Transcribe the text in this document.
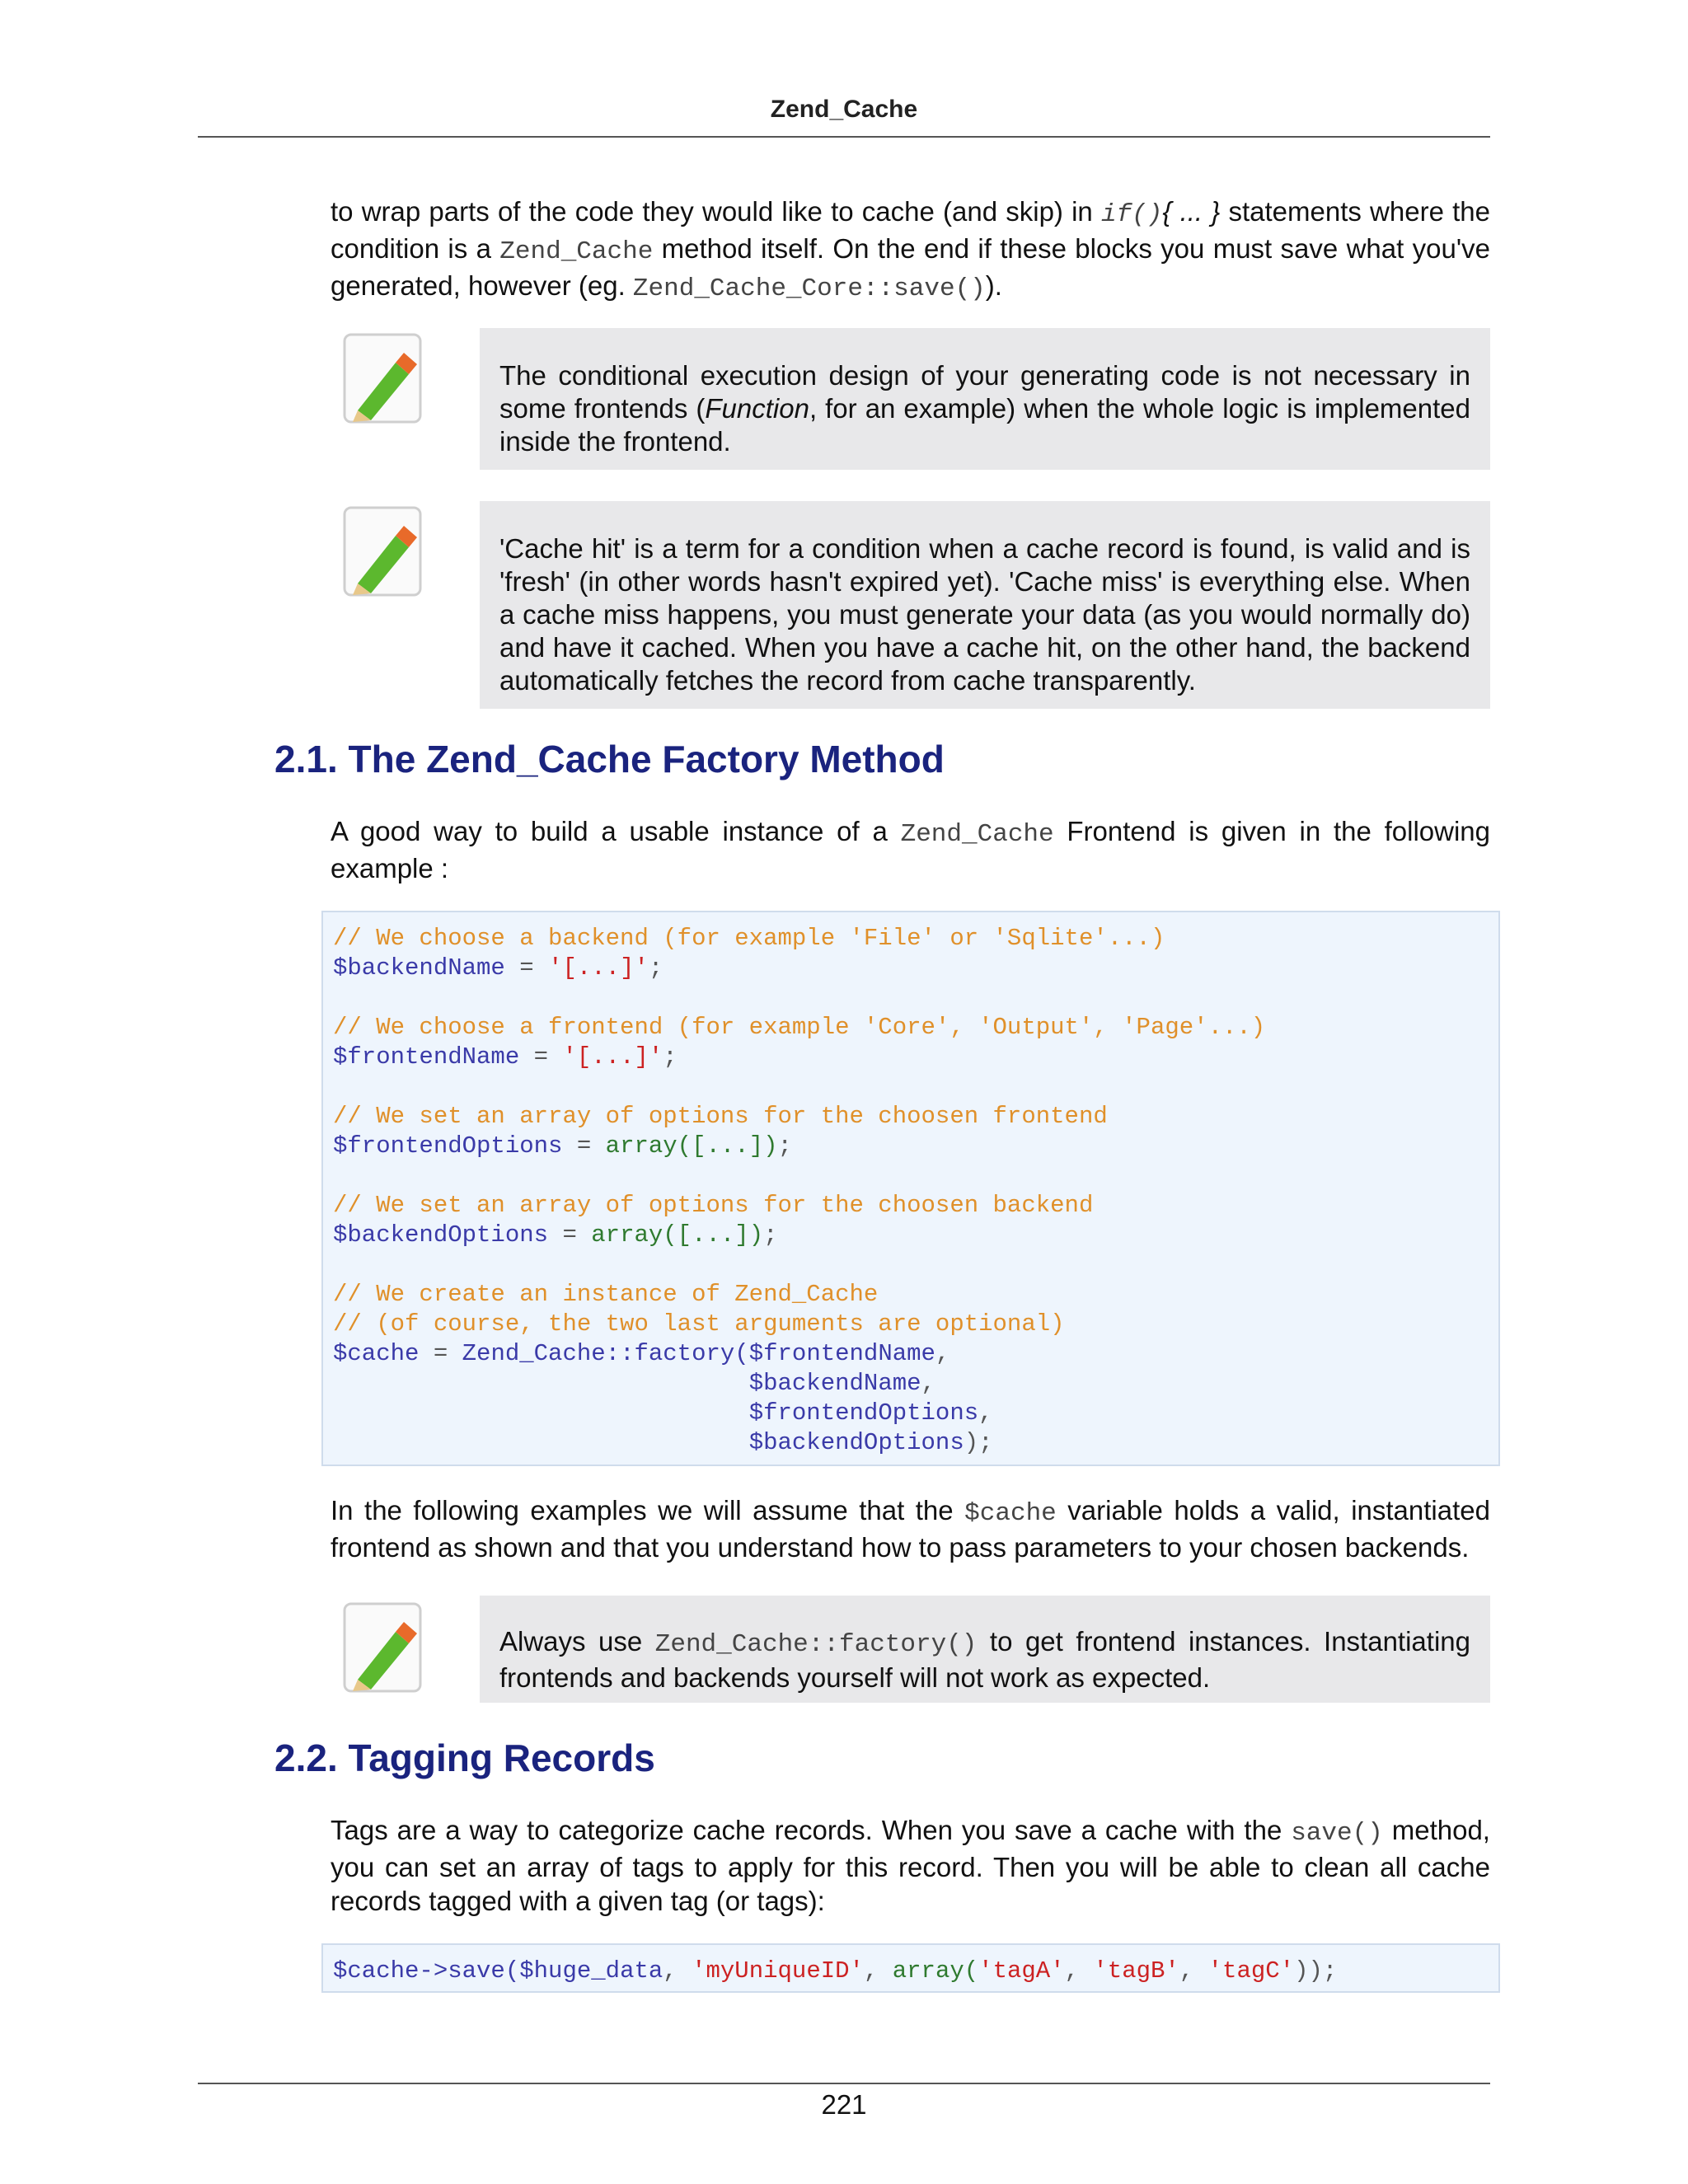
Zend_Cache

to wrap parts of the code they would like to cache (and skip) in if(){ ... } statements where the condition is a Zend_Cache method itself. On the end if these blocks you must save what you've generated, however (eg. Zend_Cache_Core::save()).

The conditional execution design of your generating code is not necessary in some frontends (Function, for an example) when the whole logic is implemented inside the frontend.
'Cache hit' is a term for a condition when a cache record is found, is valid and is 'fresh' (in other words hasn't expired yet). 'Cache miss' is everything else. When a cache miss happens, you must generate your data (as you would normally do) and have it cached. When you have a cache hit, on the other hand, the backend automatically fetches the record from cache transparently.
2.1. The Zend_Cache Factory Method

A good way to build a usable instance of a Zend_Cache Frontend is given in the following example :

// We choose a backend (for example 'File' or 'Sqlite'...)
$backendName = '[...]';

// We choose a frontend (for example 'Core', 'Output', 'Page'...)
$frontendName = '[...]';

// We set an array of options for the choosen frontend
$frontendOptions = array([...]);

// We set an array of options for the choosen backend
$backendOptions = array([...]);

// We create an instance of Zend_Cache
// (of course, the two last arguments are optional)
$cache = Zend_Cache::factory($frontendName,
$backendName,
$frontendOptions,
$backendOptions);

In the following examples we will assume that the $cache variable holds a valid, instantiated frontend as shown and that you understand how to pass parameters to your chosen backends.

Always use Zend_Cache::factory() to get frontend instances. Instantiating frontends and backends yourself will not work as expected.
2.2. Tagging Records

Tags are a way to categorize cache records. When you save a cache with the save() method, you can set an array of tags to apply for this record. Then you will be able to clean all cache records tagged with a given tag (or tags):

$cache->save($huge_data, 'myUniqueID', array('tagA', 'tagB', 'tagC'));
221
